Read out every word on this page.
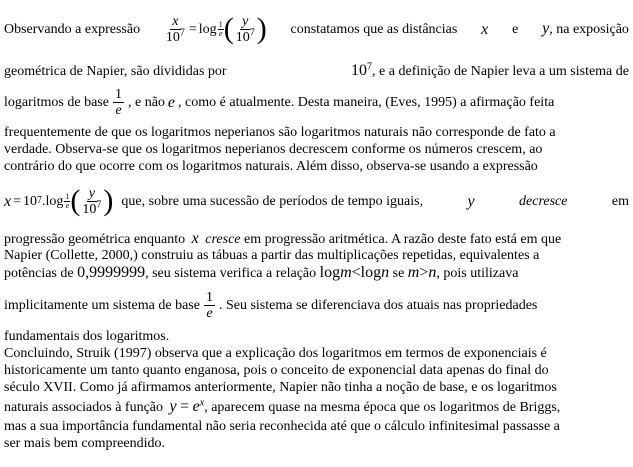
Observando a expressão $\frac{x}{10^7} = \log 1$
e ( $\frac{y}{10^7}$ ) constatamos que as distâncias x e y, na exposição
geométrica de Napier, são divididas por	$10^7$, e a definição de Napier leva a um sistema de
logaritmos de base $\frac{1}{e}$ , e não e , como é atualmente. Desta maneira, (Eves, 1995) a afirmação feita
frequentemente de que os logaritmos neperianos são logaritmos naturais não corresponde de fato a
verdade. Observa-se que os logaritmos neperianos decrescem conforme os números crescem, ao
contrário do que ocorre com os logaritmos naturais. Além disso, observa-se usando a expressão
x = 10 7 .log 1
e ( $\frac{y}{10^7}$ ) que, sobre uma sucessão de períodos de tempo iguais,	y	decresce	em
progressão geométrica enquanto x cresce em progressão aritmética. A razão deste fato está em que
Napier (Collette, 2000,) construiu as tábuas a partir das multiplicações repetidas, equivalentes a
potências de 0,9999999, seu sistema verifica a relação logm<logn se m>n, pois utilizava
implicitamente um sistema de base $\frac{1}{e}$ . Seu sistema se diferenciava dos atuais nas propriedades
fundamentais dos logaritmos.
Concluindo, Struik (1997) observa que a explicação dos logaritmos em termos de exponenciais é
historicamente um tanto quanto enganosa, pois o conceito de exponencial data apenas do final do
século XVII. Como já afirmamos anteriormente, Napier não tinha a noção de base, e os logaritmos
naturais associados à função $y = e^x$, aparecem quase na mesma época que os logaritmos de Briggs,
mas a sua importância fundamental não seria reconhecida até que o cálculo infinitesimal passasse a
ser mais bem compreendido.
